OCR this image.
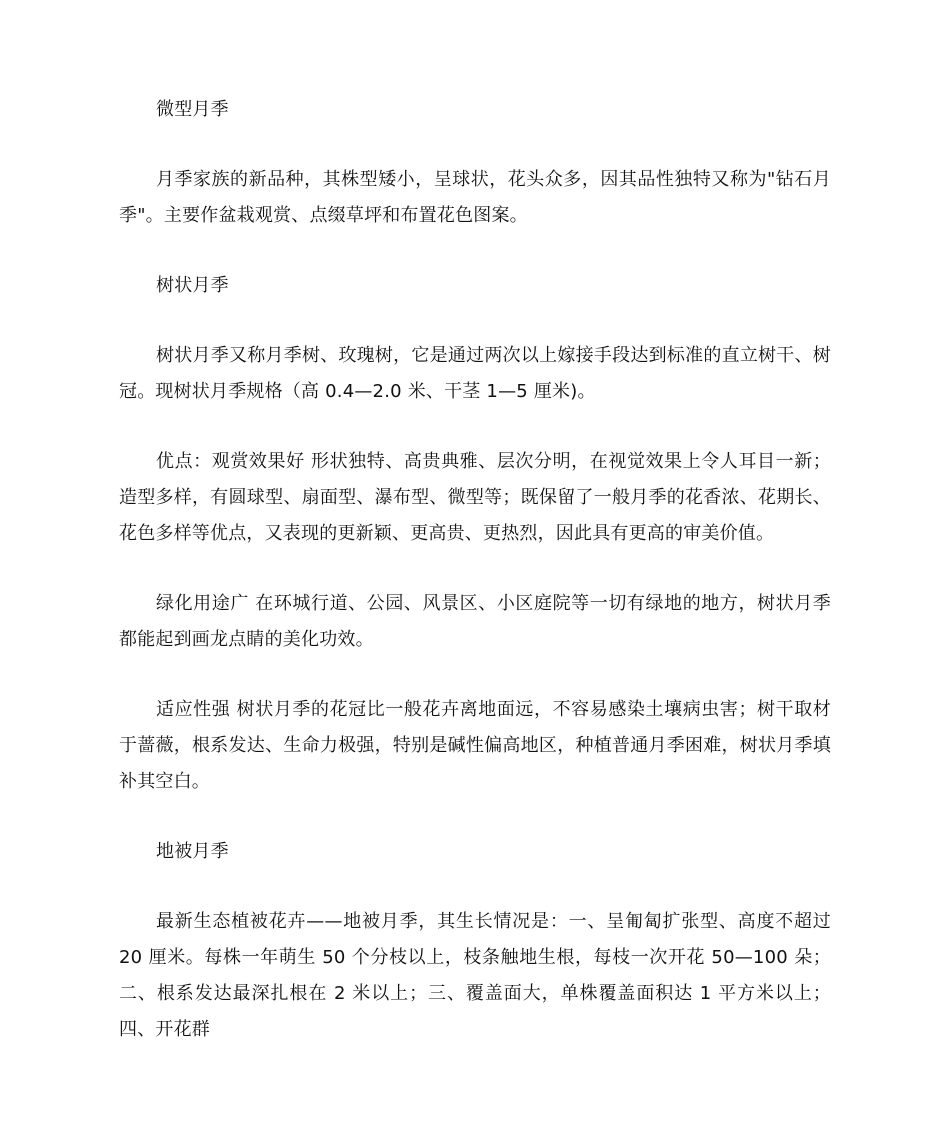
微型月季

月季家族的新品种，其株型矮小，呈球状，花头众多，因其品性独特又称为"钻石月季"。主要作盆栽观赏、点缀草坪和布置花色图案。

树状月季

树状月季又称月季树、玫瑰树，它是通过两次以上嫁接手段达到标准的直立树干、树冠。现树状月季规格（高 0.4—2.0 米、干茎 1—5 厘米)。

优点：观赏效果好 形状独特、高贵典雅、层次分明，在视觉效果上令人耳目一新；造型多样，有圆球型、扇面型、瀑布型、微型等；既保留了一般月季的花香浓、花期长、花色多样等优点，又表现的更新颖、更高贵、更热烈，因此具有更高的审美价值。

绿化用途广 在环城行道、公园、风景区、小区庭院等一切有绿地的地方，树状月季都能起到画龙点睛的美化功效。

适应性强 树状月季的花冠比一般花卉离地面远，不容易感染土壤病虫害；树干取材于蔷薇，根系发达、生命力极强，特别是碱性偏高地区，种植普通月季困难，树状月季填补其空白。

地被月季

最新生态植被花卉——地被月季，其生长情况是：一、呈匍匐扩张型、高度不超过 20 厘米。每株一年萌生 50 个分枝以上，枝条触地生根，每枝一次开花 50—100 朵；二、根系发达最深扎根在 2 米以上；三、覆盖面大，单株覆盖面积达 1 平方米以上；四、开花群
